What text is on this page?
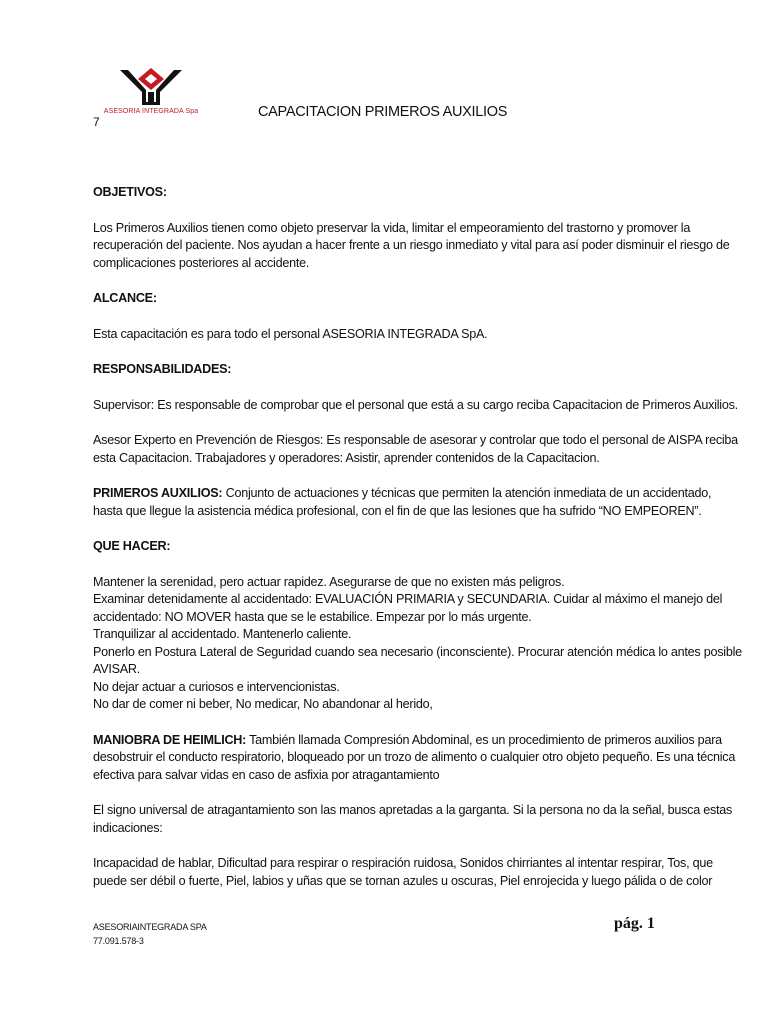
ASESORIA INTEGRADA Spa
7
CAPACITACION PRIMEROS AUXILIOS

OBJETIVOS:

Los Primeros Auxilios tienen como objeto preservar la vida, limitar el empeoramiento del trastorno y promover la recuperación del paciente. Nos ayudan a hacer frente a un riesgo inmediato y vital para así poder disminuir el riesgo de complicaciones posteriores al accidente.

ALCANCE:

Esta capacitación es para todo el personal ASESORIA INTEGRADA SpA.

RESPONSABILIDADES:

Supervisor: Es responsable de comprobar que el personal que está a su cargo reciba Capacitacion de Primeros Auxilios.

Asesor Experto en Prevención de Riesgos: Es responsable de asesorar y controlar que todo el personal de AISPA reciba esta Capacitacion. Trabajadores y operadores: Asistir, aprender contenidos de la Capacitacion.

PRIMEROS AUXILIOS: Conjunto de actuaciones y técnicas que permiten la atención inmediata de un accidentado, hasta que llegue la asistencia médica profesional, con el fin de que las lesiones que ha sufrido “NO EMPEOREN”.

QUE HACER:

Mantener la serenidad, pero actuar rapidez. Asegurarse de que no existen más peligros.

Examinar detenidamente al accidentado: EVALUACIÓN PRIMARIA y SECUNDARIA. Cuidar al máximo el manejo del accidentado: NO MOVER hasta que se le estabilice. Empezar por lo más urgente.

Tranquilizar al accidentado. Mantenerlo caliente.

Ponerlo en Postura Lateral de Seguridad cuando sea necesario (inconsciente). Procurar atención médica lo antes posible AVISAR.

No dejar actuar a curiosos e intervencionistas.

No dar de comer ni beber, No medicar, No abandonar al herido,

MANIOBRA DE HEIMLICH: También llamada Compresión Abdominal, es un procedimiento de primeros auxilios para desobstruir el conducto respiratorio, bloqueado por un trozo de alimento o cualquier otro objeto pequeño. Es una técnica efectiva para salvar vidas en caso de asfixia por atragantamiento

El signo universal de atragantamiento son las manos apretadas a la garganta. Si la persona no da la señal, busca estas indicaciones:

Incapacidad de hablar, Dificultad para respirar o respiración ruidosa, Sonidos chirriantes al intentar respirar, Tos, que puede ser débil o fuerte, Piel, labios y uñas que se tornan azules u oscuras, Piel enrojecida y luego pálida o de color

ASESORIAINTEGRADA SPA
77.091.578-3
pág. 1
